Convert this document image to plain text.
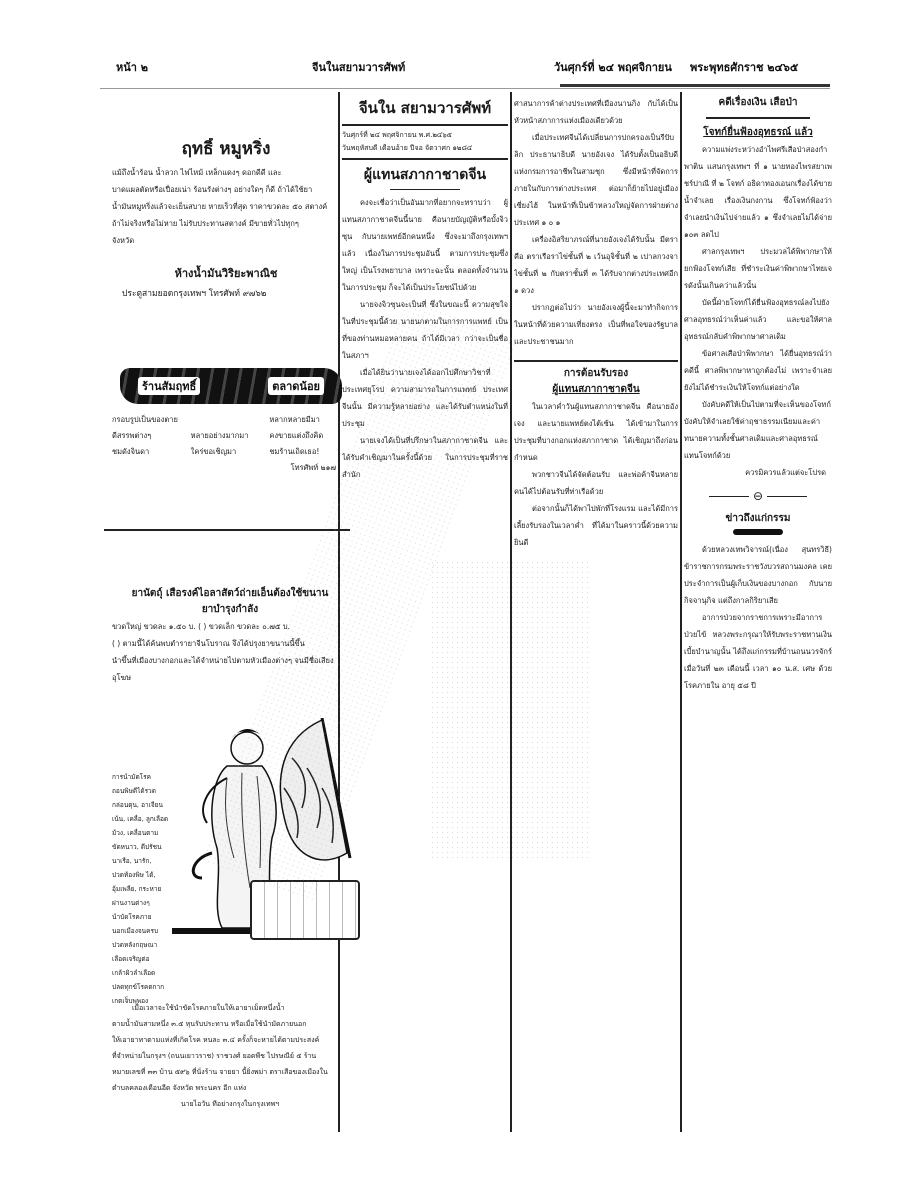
หน้า ๒	จีนในสยามวารศัพท์	วันศุกร์ที่ ๒๔ พฤศจิกายน พระพุทธศักราช ๒๔๖๕
ฤทธิ์ หมูหริ่ง
แม้ถึงน้ำร้อน น้ำลวก ไฟไหม้ เหล็กแดงๆ ดอกดีดี และ
บาดแผลตัดหรือเปื่อยเน่า ร้อนรังต่างๆ อย่างใดๆ ก็ดี ถ้าได้ใช้ยา
น้ำมันหมูหริ่งแล้วจะเย็นสบาย หายเร็วที่สุด ราคาขวดละ ๕๐ สตางค์
ถ้าไม่จริงหรือไม่หาย ไม่รับประทานสตางค์ มีขายทั่วไปทุกๆ
จังหวัด
ห้างน้ำมันวิริยะพาณิช
ประตูสามยอดกรุงเทพฯ โทรศัพท์ ๙๗๖๒
ร้านสัมฤทธิ์	ตลาดน้อย
กรอบรูปเป็นของตาย	หลากหลายมีมา
ดีสรรพต่างๆ	หลายอย่างมากมา	คงขายแต่งถึงคิด
ชมดังจินดา	ใคร่ขอเชิญมา	ชมร้านเถิดเธอ!
โทรศัพท์ ๒๑๗
ยานัตถุ์ เสือรงค์ไอลาสัตว์ถ่ายเอ็นต้องใช้ขนาน
ยาบำรุงกำลัง
ขวดใหญ่ ขวดละ ๑.๕๐ บ. ( ) ขวดเล็ก ขวดละ ๐.๗๕ บ.
( ) ตามนี้ได้ค้นพบตำรายาจีนโบราณ จึงได้ปรุงยาขนานนี้ขึ้น
นำขึ้นที่เมืองบางกอกและได้จำหน่ายไปตามหัวเมืองต่างๆ จนมีชื่อเสียง
อุโฆษ
การนำมัดโรค
ถอนพิษดีได้รวด
กล่อนตุน, อาเจียน
เน้น, เคลื่อ, ลูกเลือด
ม้วง, เคลื่อนตาม
ขัดหนาว, ดีปรัชน
นาเรือ, นารัก,
ปวดท้องพิษ ได้,
อุ้มเพลีย, กระหาย
ผ่านงานต่างๆ
นำบัดโรคภาย
นอกเมืองจนครบ
ปวดหลังกฤษณา
เลือดเจริญต่อ
เกล้าผิวลำเลือด
ปลดทุกข์โรคดกาก
เกตเจ็บพุพอง
เมื่อเวลาจะใช้นำขัดโรคภายในให้เอายาเม็ดหนึ่งน้ำ
ตามน้ำมันสามหนึ่ง ๓.๕ หุนรับประทาน หรือเมื่อใช้นำมัดภายนอก
ให้เอายาทาตามแห่งที่เกิดโรค หนละ ๓.๔ ครั้งก็จะหายได้ตามประสงค์
ที่จำหน่ายในกรุงฯ (ถนนเยาวราช) ราชวงศ์ ยอดพืช ไปรษณีย์ ๕ ร้าน
หมายเลขที่ ๓๓ บ้าน ๕๙๖ ที่นั่งร้าน จายยา นี้ยิ่งพม่า ตราเสือของเมืองใน
ตำบลคลองเดือนอีด จังหวัด พระนคร อีก แห่ง
นายไอวัน ทีอย่างกรุงในกรุงเทพฯ
จีนใน สยามวารศัพท์
วันศุกร์ที่ ๒๔ พฤศจิกายน พ.ศ.๒๔๖๕
วันพฤหัสบดี เดือนอ้าย ปีจอ จัตวาศก ๑๒๘๔
ผู้แทนสภากาชาดจีน

คงจะเชื่อว่าเป็นอันมากที่อยากจะทราบว่า ผู้แทนสภากาชาดจีนนี้นาย คือนายบัญญัติหรือบั้งจิวซุน กับนายเพทย์อีกคนหนึ่ง ซึ่งจะมาถึงกรุงเทพฯ แล้ว เนื่องในการประชุมอันนี้ ตามการประชุมซึ่งใหญ่ เป็นโรงพยาบาล เพราะฉะนั้น ตลอดทั้งจำนวนในการประชุม ก็จะได้เป็นประโยชน์ไปด้วย

นายจงจิวซุนจะเป็นที่ ซึ่งในขณะนี้ ความสุขใจในที่ประชุมนี้ด้วย นายนกตามในการการแพทย์ เป็นที่ของท่านหมอหลายคน ถ้าได้มีเวลา กว่าจะเป็นชื่อในสภาฯ

เมื่อได้ยินว่านายเจงได้ออกไปศึกษาวิชาที่ประเทศยุโรป ความสามารถในการแพทย์ ประเทศจีนนั้น มีความรู้หลายอย่าง และได้รับตำแหน่งในที่ประชุม

นายเจงได้เป็นที่ปรึกษาในสภากาชาดจีน และได้รับคำเชิญมาในครั้งนี้ด้วย ในการประชุมที่ราชสำนัก

ศาสนาการค้าต่างประเทศที่เมืองนานกิง กับได้เป็นหัวหน้าสภาการแห่งเมืองเดียวด้วย

เมื่อประเทศจีนได้เปลี่ยนการปกครองเป็นรีปับลิก ประธานาธิบดี นายอังเจง ได้รับตั้งเป็นอธิบดีแห่งกรมการอาชีพในสามชุก ซึ่งมีหน้าที่จัดการภายในกับการต่างประเทศ ต่อมาก็ย้ายไปอยู่เมืองเซี่ยงไฮ้ ในหน้าที่เป็นข้าหลวงใหญ่จัดการฝ่ายต่างประเทศ ๑ ๐ ๑

เครื่องอิสริยาภรณ์ที่นายอังเจงได้รับนั้น มีตราคือ ตราเรือราไข่ชั้นที่ ๒ เว้นอุจิชั้นที่ ๒ เปาลกวงจาไข่ชั้นที่ ๒ กับตราชั้นที่ ๓ ได้รับจากต่างประเทศอีก ๑ ดวง

ปรากฏต่อไปว่า นายอังเจงผู้นี้จะมาทำกิจการในหน้าที่ด้วยความเที่ยงตรง เป็นที่พอใจของรัฐบาลและประชาชนมาก

การต้อนรับรอง
ผู้แทนสภากาชาดจีน

ในเวลาค่ำวันผู้แทนสภากาชาดจีน คือนายอังเจง และนายแพทย์ตงไต้เซ้น ได้เข้ามาในการประชุมที่บางกอกแห่งสภากาชาด ได้เชิญมาถึงก่อนกำหนด

พวกชาวจีนได้จัดต้อนรับ และพ่อค้าจีนหลายคนได้ไปต้อนรับที่ท่าเรือด้วย

ต่อจากนั้นก็ได้พาไปพักที่โรงแรม และได้มีการเลี้ยงรับรองในเวลาค่ำ ที่ได้มาในคราวนี้ด้วยความยินดี

คดีเรื่องเงิน เสือป่า
โจทก์ยื่นฟ้องอุทธรณ์ แล้ว

ความแพ่งระหว่างอำไพศรีเสือป่าสองกำพาติน แสนกรุงเทพฯ ที่ ๑ นายทองไพรสยาเพชร์ปาณี ที่ ๒ โจทก์ อธิดาทองเอนกเรื่องได้ขายน้ำจำเลย เรื่องเงินกงกาน ซึ่งโจทก์ฟ้องว่า จำเลยนำเงินไปจ่ายแล้ว ๑ ซึ่งจำเลยไม่ได้จ่าย ๑๐๓ ลดไป

ศาลกรุงเทพฯ ประมวลได้พิพากษาให้ยกฟ้องโจทก์เสีย ที่ชำระเงินค่าพิพากษาไทยเจรดังนั้นเกินคว่าแล้วนั้น

บัดนี้ฝ่ายโจทก์ได้ยื่นฟ้องอุทธรณ์ลงไปยังศาลอุทธรณ์ว่าเห็นค่าแล้ว และขอให้ศาลอุทธรณ์กลับคำพิพากษาศาลเดิม

ข้อศาลเสือป่าพิพากษา ได้ยื่นอุทธรณ์ว่าคดีนี้ ศาลพิพากษาหาถูกต้องไม่ เพราะจำเลยยังไม่ได้ชำระเงินให้โจทก์แต่อย่างใด

บังคับคดีให้เป็นไปตามที่จะเห็นของโจทก์ บังคับให้จำเลยใช้ค่าฤชาธรรมเนียมและค่าทนายความทั้งชั้นศาลเดิมและศาลอุทธรณ์แทนโจทก์ด้วย

ควรมิควรแล้วแต่จะโปรด
⊖
ข่าวถึงแก่กรรม

ด้วยหลวงเทพวิจารณ์(เนื่อง สุนทรวิธี) ข้าราชการกรมพระราชวังบวรสถานมงคล เคยประจำการเป็นผู้เก็บเงินของบางกอก กับนายกิจจานุกิจ แต่ถึงกาลกิริยาเสีย

อาการป่วยจากราชการเพราะมีอาการป่วยไข้ หลวงพระกรุณาให้รับพระราชทานเงินเบี้ยบำนาญนั้น ได้ถึงแก่กรรมที่บ้านถนนวรจักร์ เมื่อวันที่ ๒๓ เดือนนี้ เวลา ๑๐ น.ส. เศษ ด้วยโรคภายใน อายุ ๕๘ ปี
